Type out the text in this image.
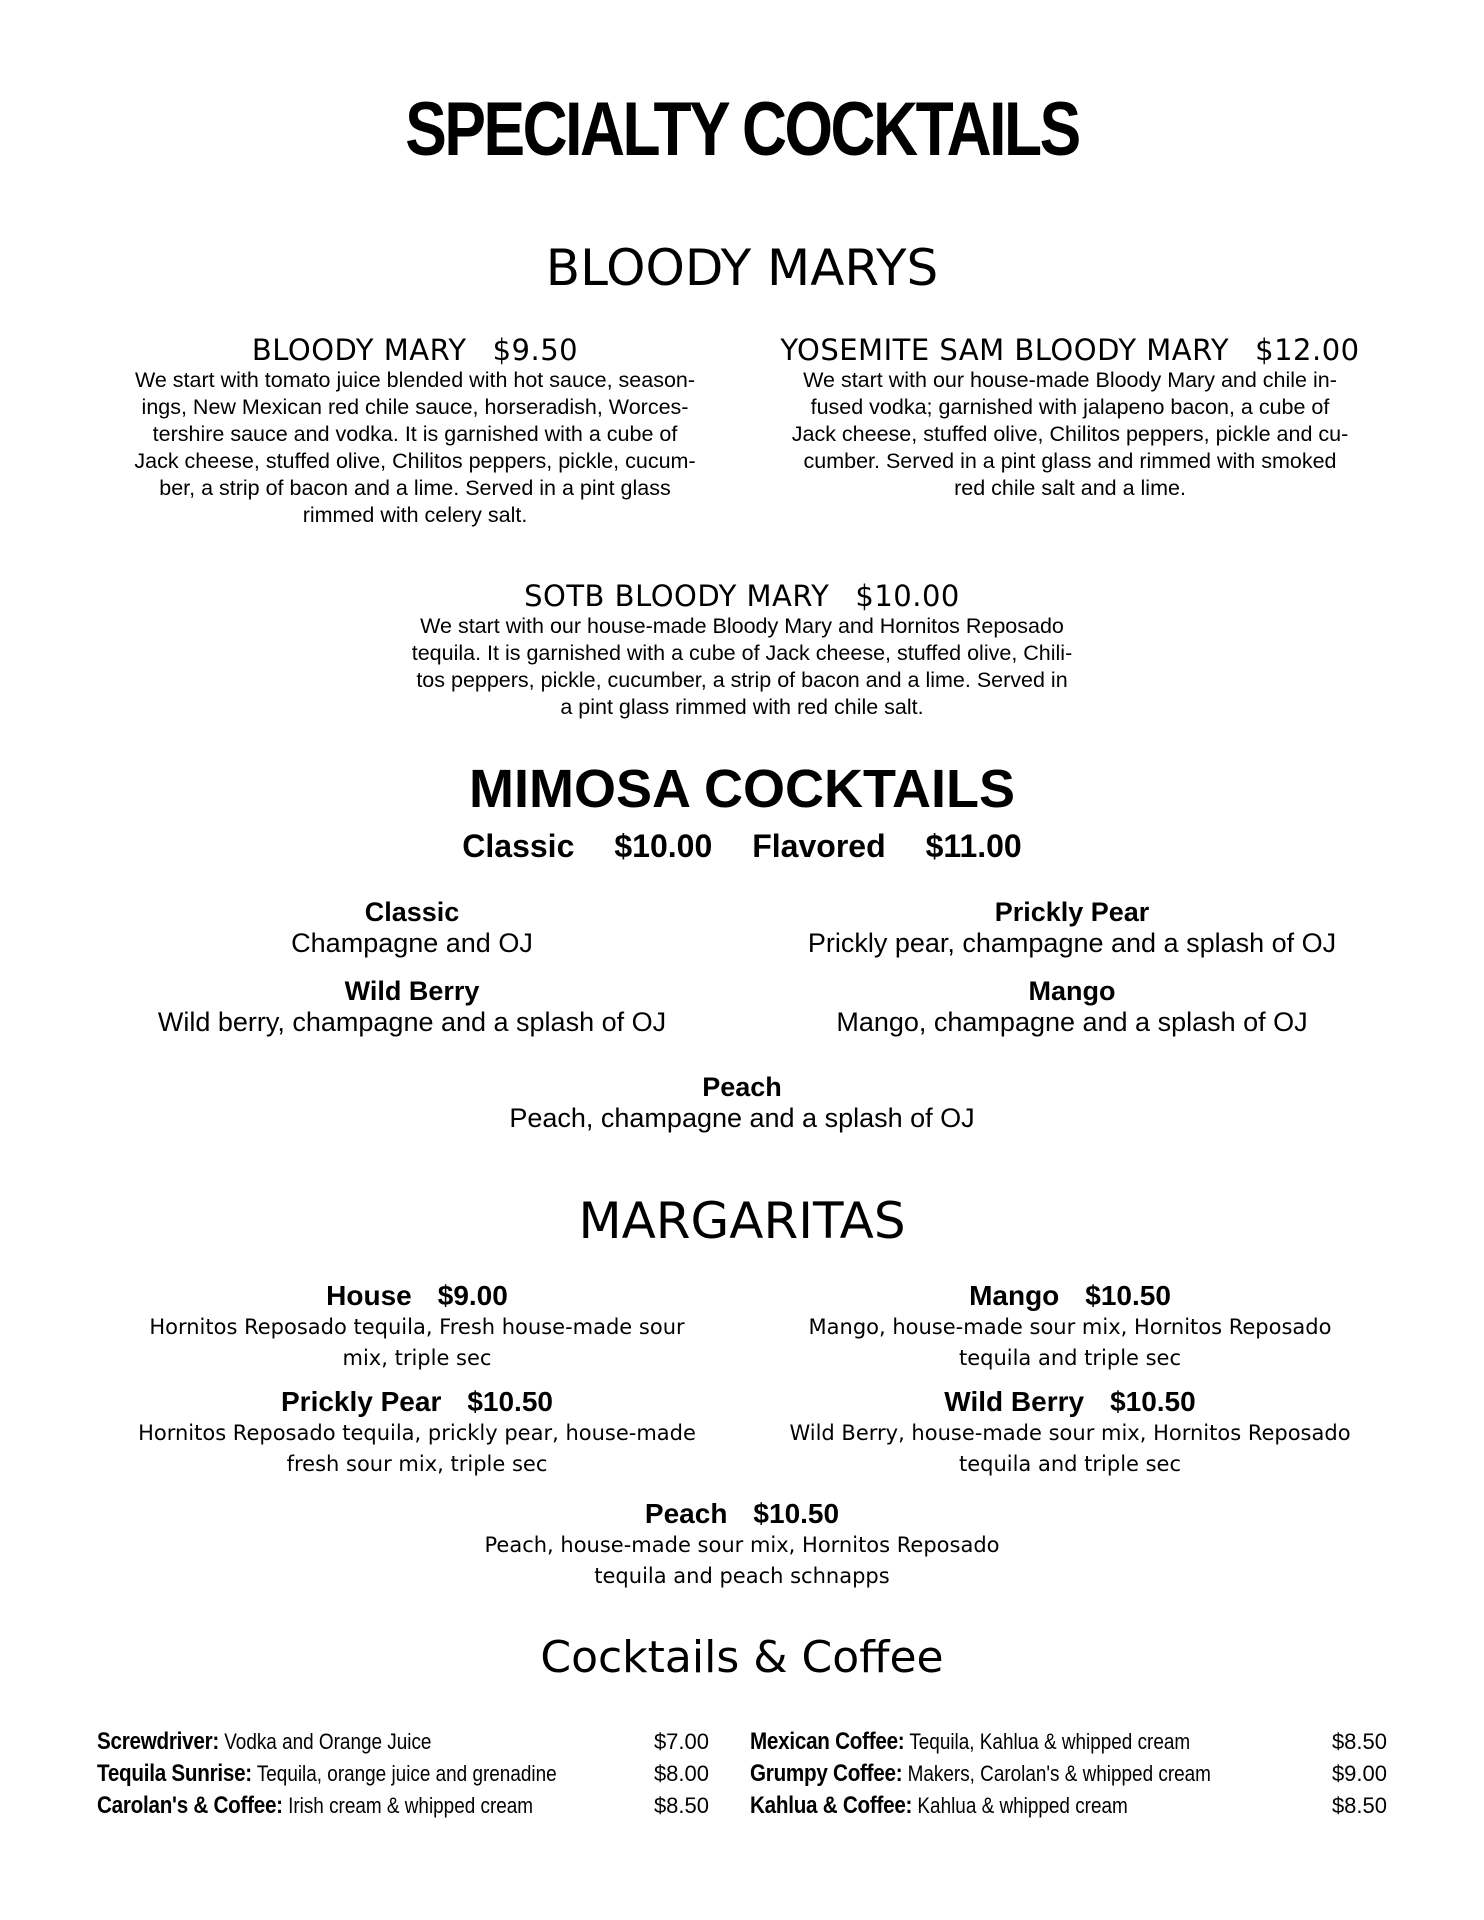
SPECIALTY COCKTAILS
BLOODY MARYS
BLOODY MARY $9.50
We start with tomato juice blended with hot sauce, season-
ings, New Mexican red chile sauce, horseradish, Worces-
tershire sauce and vodka. It is garnished with a cube of
Jack cheese, stuffed olive, Chilitos peppers, pickle, cucum-
ber, a strip of bacon and a lime. Served in a pint glass
rimmed with celery salt.
YOSEMITE SAM BLOODY MARY $12.00
We start with our house-made Bloody Mary and chile in-
fused vodka; garnished with jalapeno bacon, a cube of
Jack cheese, stuffed olive, Chilitos peppers, pickle and cu-
cumber. Served in a pint glass and rimmed with smoked
red chile salt and a lime.
SOTB BLOODY MARY $10.00
We start with our house-made Bloody Mary and Hornitos Reposado
tequila. It is garnished with a cube of Jack cheese, stuffed olive, Chili-
tos peppers, pickle, cucumber, a strip of bacon and a lime. Served in
a pint glass rimmed with red chile salt.
MIMOSA COCKTAILS
Classic $10.00 Flavored $11.00
Classic
Champagne and OJ
Prickly Pear
Prickly pear, champagne and a splash of OJ
Wild Berry
Wild berry, champagne and a splash of OJ
Mango
Mango, champagne and a splash of OJ
Peach
Peach, champagne and a splash of OJ
MARGARITAS
House $9.00
Hornitos Reposado tequila, Fresh house-made sour
mix, triple sec
Mango $10.50
Mango, house-made sour mix, Hornitos Reposado
tequila and triple sec
Prickly Pear $10.50
Hornitos Reposado tequila, prickly pear, house-made
fresh sour mix, triple sec
Wild Berry $10.50
Wild Berry, house-made sour mix, Hornitos Reposado
tequila and triple sec
Peach $10.50
Peach, house-made sour mix, Hornitos Reposado
tequila and peach schnapps
Cocktails & Coffee
Screwdriver: Vodka and Orange Juice	$7.00
Tequila Sunrise: Tequila, orange juice and grenadine	$8.00
Carolan's & Coffee: Irish cream & whipped cream	$8.50
Mexican Coffee: Tequila, Kahlua & whipped cream	$8.50
Grumpy Coffee: Makers, Carolan's & whipped cream	$9.00
Kahlua & Coffee: Kahlua & whipped cream	$8.50
